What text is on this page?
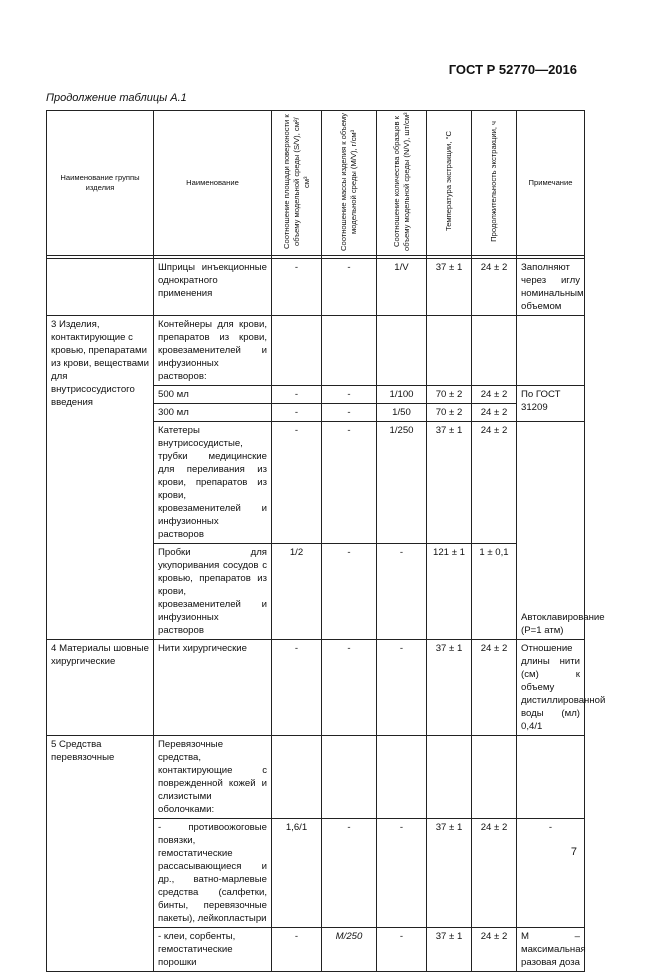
ГОСТ Р 52770—2016
Продолжение таблицы А.1
Наименование группы изделия	Наименование	Соотношение площади поверхности к объему модельной среды (S/V), см²/см³	Соотношение массы изделия к объему модельной среды (M/V), г/см³	Соотношение количества образцов к объему модельной среды (N/V), шт/см³	Температура экстракции, °С	Продолжительность экстракции, ч	Примечание

	Шприцы инъекционные однократного применения	-	-	1/V	37 ± 1	24 ± 2	Заполняют через иглу номинальным объемом
3 Изделия, контактирующие с кровью, препаратами из крови, веществами для внутрисосудистого введения	Контейнеры для крови, препаратов из крови, кровезаменителей и инфузионных растворов:						
	500 мл	-	-	1/100	70 ± 2	24 ± 2	По ГОСТ 31209
	300 мл	-	-	1/50	70 ± 2	24 ± 2	
	Катетеры внутрисосудистые, трубки медицинские для переливания из крови, препаратов из крови, кровезаменителей и инфузионных растворов	-	-	1/250	37 ± 1	24 ± 2	Автоклавирование (P=1 атм)
	Пробки для укупоривания сосудов с кровью, препаратов из крови, кровезаменителей и инфузионных растворов	1/2	-	-	121 ± 1	1 ± 0,1	
4 Материалы шовные хирургические	Нити хирургические	-	-	-	37 ± 1	24 ± 2	Отношение длины нити (см) к объему дистиллированной воды (мл) 0,4/1
5 Средства перевязочные	Перевязочные средства, контактирующие с поврежденной кожей и слизистыми оболочками:						
	- противоожоговые повязки, гемостатические рассасывающиеся и др., ватно-марлевые средства (салфетки, бинты, перевязочные пакеты), лейкопластыри	1,6/1	-	-	37 ± 1	24 ± 2	-
	- клеи, сорбенты, гемостатические порошки	-	M/250	-	37 ± 1	24 ± 2	M – максимальная разовая доза
7
